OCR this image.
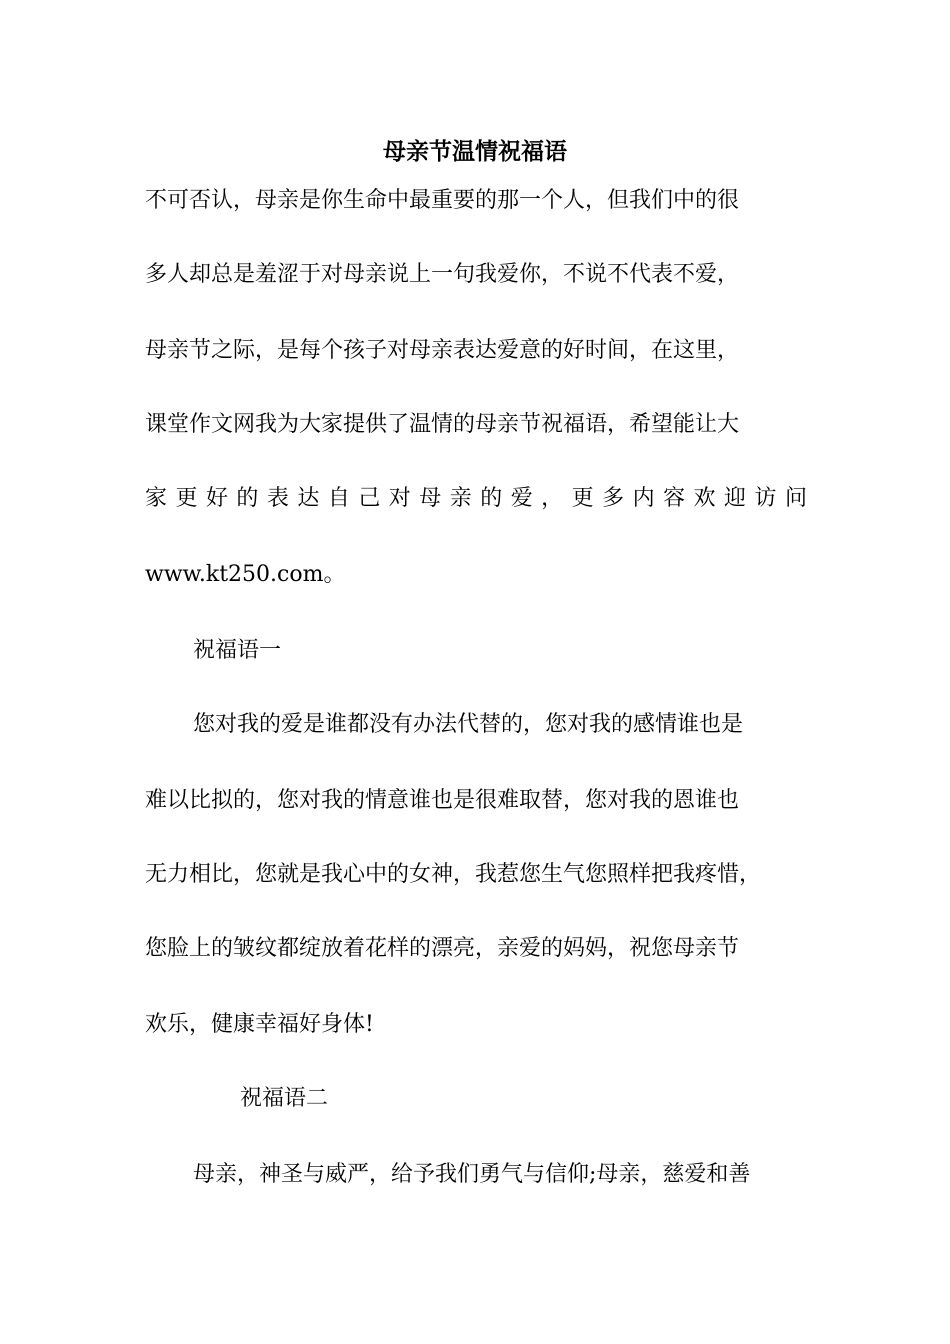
母亲节温情祝福语
不可否认，母亲是你生命中最重要的那一个人，但我们中的很
多人却总是羞涩于对母亲说上一句我爱你，不说不代表不爱，
母亲节之际，是每个孩子对母亲表达爱意的好时间，在这里，
课堂作文网我为大家提供了温情的母亲节祝福语，希望能让大
家更好的表达自己对母亲的爱，更多内容欢迎访问
www.kt250.com。
祝福语一
您对我的爱是谁都没有办法代替的，您对我的感情谁也是
难以比拟的，您对我的情意谁也是很难取替，您对我的恩谁也
无力相比，您就是我心中的女神，我惹您生气您照样把我疼惜，
您脸上的皱纹都绽放着花样的漂亮，亲爱的妈妈，祝您母亲节
欢乐，健康幸福好身体!
祝福语二
母亲，神圣与威严，给予我们勇气与信仰;母亲，慈爱和善
